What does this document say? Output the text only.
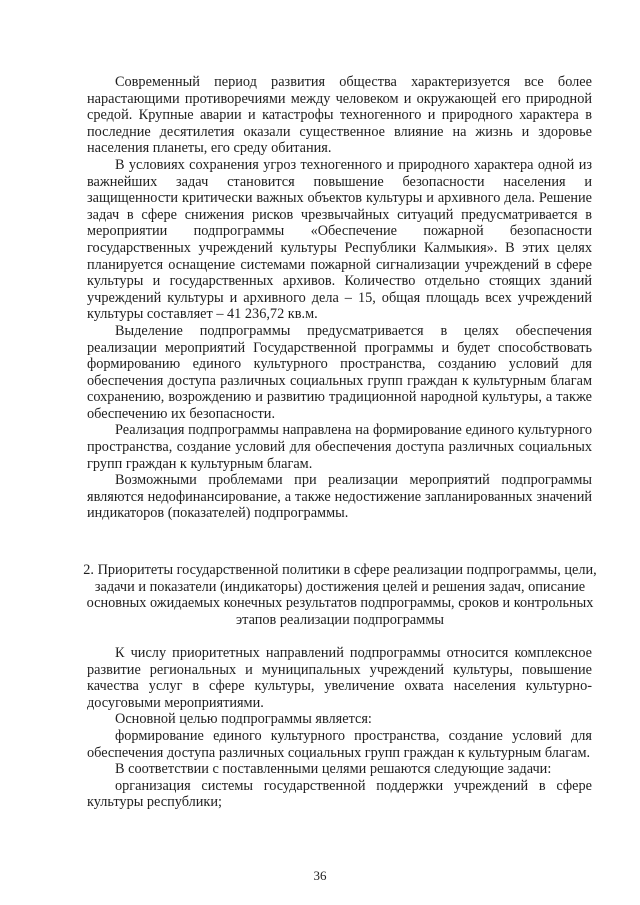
Современный период развития общества характеризуется все более нарастающими противоречиями между человеком и окружающей его природной средой. Крупные аварии и катастрофы техногенного и природного характера в последние десятилетия оказали существенное влияние на жизнь и здоровье населения планеты, его среду обитания.

В условиях сохранения угроз техногенного и природного характера одной из важнейших задач становится повышение безопасности населения и защищенности критически важных объектов культуры и архивного дела. Решение задач в сфере снижения рисков чрезвычайных ситуаций предусматривается в мероприятии подпрограммы «Обеспечение пожарной безопасности государственных учреждений культуры Республики Калмыкия». В этих целях планируется оснащение системами пожарной сигнализации учреждений в сфере культуры и государственных архивов. Количество отдельно стоящих зданий учреждений культуры и архивного дела – 15, общая площадь всех учреждений культуры составляет – 41 236,72 кв.м.

Выделение подпрограммы предусматривается в целях обеспечения реализации мероприятий Государственной программы и будет способствовать формированию единого культурного пространства, созданию условий для обеспечения доступа различных социальных групп граждан к культурным благам сохранению, возрождению и развитию традиционной народной культуры, а также обеспечению их безопасности.

Реализация подпрограммы направлена на формирование единого культурного пространства, создание условий для обеспечения доступа различных социальных групп граждан к культурным благам.

Возможными проблемами при реализации мероприятий подпрограммы являются недофинансирование, а также недостижение запланированных значений индикаторов (показателей) подпрограммы.

2. Приоритеты государственной политики в сфере реализации подпрограммы, цели, задачи и показатели (индикаторы) достижения целей и решения задач, описание основных ожидаемых конечных результатов подпрограммы, сроков и контрольных этапов реализации подпрограммы

К числу приоритетных направлений подпрограммы относится комплексное развитие региональных и муниципальных учреждений культуры, повышение качества услуг в сфере культуры, увеличение охвата населения культурно-досуговыми мероприятиями.

Основной целью подпрограммы является:

формирование единого культурного пространства, создание условий для обеспечения доступа различных социальных групп граждан к культурным благам.

В соответствии с поставленными целями решаются следующие задачи:

организация системы государственной поддержки учреждений в сфере культуры республики;

36
